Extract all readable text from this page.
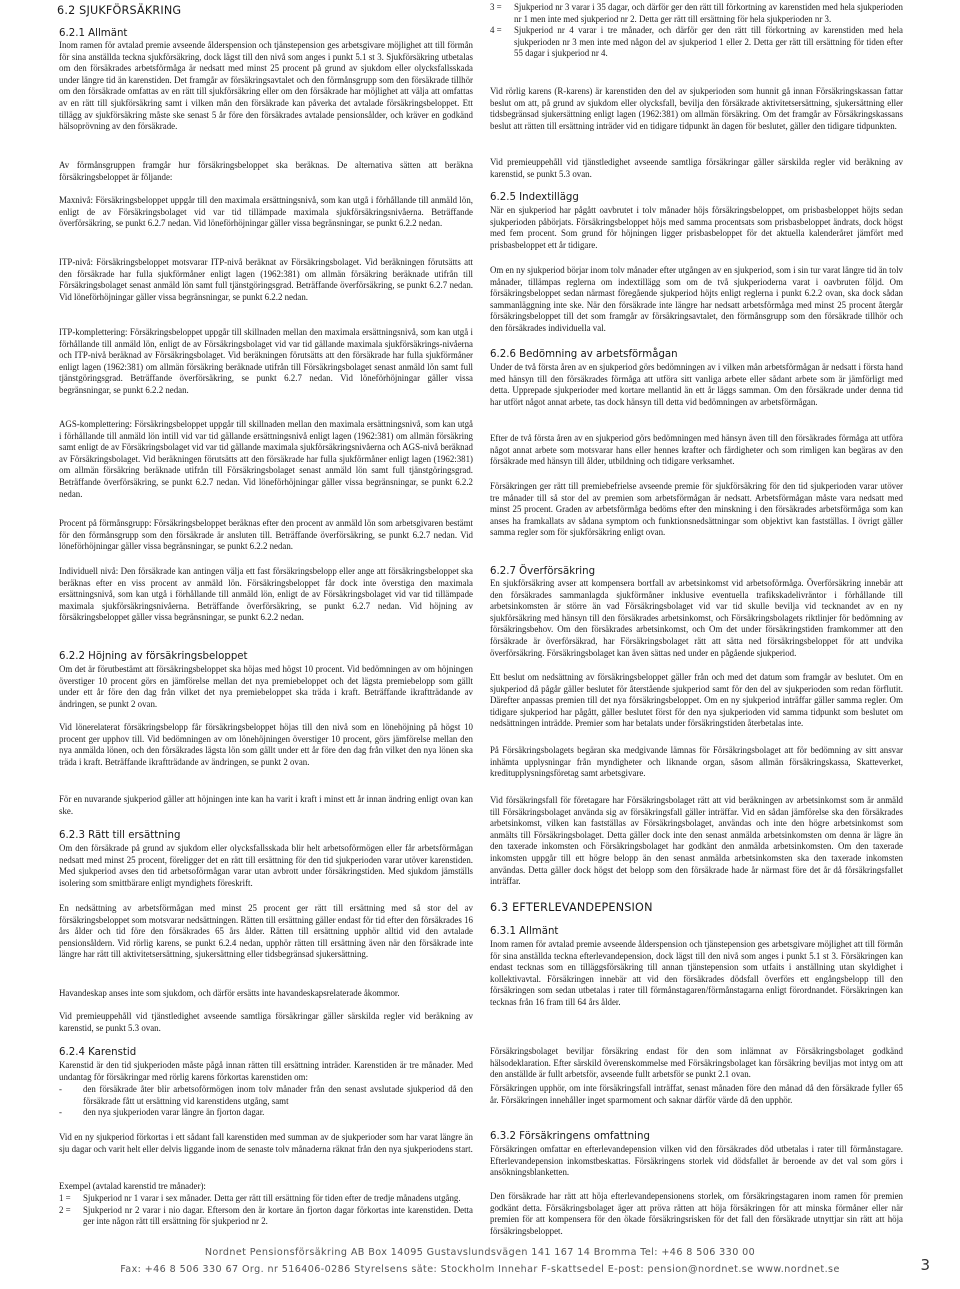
6.2 SJUKFÖRSÄKRING
6.2.1 Allmänt
Inom ramen för avtalad premie avseende ålderspension och tjänstepension ges arbetsgivare möjlighet att till förmån för sina anställda teckna sjukförsäkring, dock lägst till den nivå som anges i punkt 5.1 st 3. Sjukförsäkring utbetalas om den försäkrades arbetsförmåga är nedsatt med minst 25 procent på grund av sjukdom eller olycksfallsskada under längre tid än karenstiden. Det framgår av försäkringsavtalet och den förmånsgrupp som den försäkrade tillhör om den försäkrade omfattas av en rätt till sjukförsäkring eller om den försäkrade har möjlighet att välja att omfattas av en rätt till sjukförsäkring samt i vilken mån den försäkrade kan påverka det avtalade försäkringsbeloppet. Ett tillägg av sjukförsäkring måste ske senast 5 år före den försäkrades avtalade pensionsålder, och kräver en godkänd hälsoprövning av den försäkrade.
Av förmånsgruppen framgår hur försäkringsbeloppet ska beräknas. De alternativa sätten att beräkna försäkringsbeloppet är följande:
Maxnivå: Försäkringsbeloppet uppgår till den maximala ersättningsnivå, som kan utgå i förhållande till anmäld lön, enligt de av Försäkringsbolaget vid var tid tillämpade maximala sjukförsäkringsnivåerna. Beträffande överförsäkring, se punkt 6.2.7 nedan. Vid löneförhöjningar gäller vissa begränsningar, se punkt 6.2.2 nedan.
ITP-nivå: Försäkringsbeloppet motsvarar ITP-nivå beräknat av Försäkringsbolaget. Vid beräkningen förutsätts att den försäkrade har fulla sjukförmåner enligt lagen (1962:381) om allmän försäkring beräknade utifrån till Försäkringsbolaget senast anmäld lön samt full tjänstgöringsgrad. Beträffande överförsäkring, se punkt 6.2.7 nedan. Vid löneförhöjningar gäller vissa begränsningar, se punkt 6.2.2 nedan.
ITP-komplettering: Försäkringsbeloppet uppgår till skillnaden mellan den maximala ersättningsnivå, som kan utgå i förhållande till anmäld lön, enligt de av Försäkringsbolaget vid var tid gällande maximala sjukförsäkrings-nivåerna och ITP-nivå beräknad av Försäkringsbolaget. Vid beräkningen förutsätts att den försäkrade har fulla sjukförmåner enligt lagen (1962:381) om allmän försäkring beräknade utifrån till Försäkringsbolaget senast anmäld lön samt full tjänstgöringsgrad. Beträffande överförsäkring, se punkt 6.2.7 nedan. Vid löneförhöjningar gäller vissa begränsningar, se punkt 6.2.2 nedan.
AGS-komplettering: Försäkringsbeloppet uppgår till skillnaden mellan den maximala ersättningsnivå, som kan utgå i förhållande till anmäld lön intill vid var tid gällande ersättningsnivå enligt lagen (1962:381) om allmän försäkring samt enligt de av Försäkringsbolaget vid var tid gällande maximala sjukförsäkringsnivåerna och AGS-nivå beräknad av Försäkringsbolaget. Vid beräkningen förutsätts att den försäkrade har fulla sjukförmåner enligt lagen (1962:381) om allmän försäkring beräknade utifrån till Försäkringsbolaget senast anmäld lön samt full tjänstgöringsgrad. Beträffande överförsäkring, se punkt 6.2.7 nedan. Vid löneförhöjningar gäller vissa begränsningar, se punkt 6.2.2 nedan.
Procent på förmånsgrupp: Försäkringsbeloppet beräknas efter den procent av anmäld lön som arbetsgivaren bestämt för den förmånsgrupp som den försäkrade är ansluten till. Beträffande överförsäkring, se punkt 6.2.7 nedan. Vid löneförhöjningar gäller vissa begränsningar, se punkt 6.2.2 nedan.
Individuell nivå: Den försäkrade kan antingen välja ett fast försäkringsbelopp eller ange att försäkringsbeloppet ska beräknas efter en viss procent av anmäld lön. Försäkringsbeloppet får dock inte överstiga den maximala ersättningsnivå, som kan utgå i förhållande till anmäld lön, enligt de av Försäkringsbolaget vid var tid tillämpade maximala sjukförsäkringsnivåerna. Beträffande överförsäkring, se punkt 6.2.7 nedan. Vid höjning av försäkringsbeloppet gäller vissa begränsningar, se punkt 6.2.2 nedan.
6.2.2 Höjning av försäkringsbeloppet
Om det är förutbestämt att försäkringsbeloppet ska höjas med högst 10 procent. Vid bedömningen av om höjningen överstiger 10 procent görs en jämförelse mellan det nya premiebeloppet och det lägsta premiebelopp som gällt under ett år före den dag från vilket det nya premiebeloppet ska träda i kraft. Beträffande ikraftträdande av ändringen, se punkt 2 ovan.
Vid lönerelaterat försäkringsbelopp får försäkringsbeloppet höjas till den nivå som en lönehöjning på högst 10 procent ger upphov till. Vid bedömningen av om lönehöjningen överstiger 10 procent, görs jämförelse mellan den nya anmälda lönen, och den försäkrades lägsta lön som gällt under ett år före den dag från vilket den nya lönen ska träda i kraft. Beträffande ikraftträdande av ändringen, se punkt 2 ovan.
För en nuvarande sjukperiod gäller att höjningen inte kan ha varit i kraft i minst ett år innan ändring enligt ovan kan ske.
6.2.3 Rätt till ersättning
Om den försäkrade på grund av sjukdom eller olycksfallsskada blir helt arbetsoförmögen eller får arbetsförmågan nedsatt med minst 25 procent, föreligger det en rätt till ersättning för den tid sjukperioden varar utöver karenstiden. Med sjukperiod avses den tid arbetsoförmågan varar utan avbrott under försäkringstiden. Med sjukdom jämställs isolering som smittbärare enligt myndighets föreskrift.
En nedsättning av arbetsförmågan med minst 25 procent ger rätt till ersättning med så stor del av försäkringsbeloppet som motsvarar nedsättningen. Rätten till ersättning gäller endast för tid efter den försäkrades 16 års ålder och tid före den försäkrades 65 års ålder. Rätten till ersättning upphör alltid vid den avtalade pensionsåldern. Vid rörlig karens, se punkt 6.2.4 nedan, upphör rätten till ersättning även när den försäkrade inte längre har rätt till aktivitetsersättning, sjukersättning eller tidsbegränsad sjukersättning.
Havandeskap anses inte som sjukdom, och därför ersätts inte havandeskapsrelaterade åkommor.
Vid premieuppehåll vid tjänstledighet avseende samtliga försäkringar gäller särskilda regler vid beräkning av karenstid, se punkt 5.3 ovan.
6.2.4 Karenstid
Karenstid är den tid sjukperioden måste pågå innan rätten till ersättning inträder. Karenstiden är tre månader. Med undantag för försäkringar med rörlig karens förkortas karenstiden om:
-	den försäkrade åter blir arbetsoförmögen inom tolv månader från den senast avslutade sjukperiod då den försäkrade fått ut ersättning vid karenstidens utgång, samt
-	den nya sjukperioden varar längre än fjorton dagar.
Vid en ny sjukperiod förkortas i ett sådant fall karenstiden med summan av de sjukperioder som har varat längre än sju dagar och varit helt eller delvis liggande inom de senaste tolv månaderna räknat från den nya sjukperiodens start.
Exempel (avtalad karenstid tre månader):
1 =	Sjukperiod nr 1 varar i sex månader. Detta ger rätt till ersättning för tiden efter de tredje månadens utgång.
2 =	Sjukperiod nr 2 varar i nio dagar. Eftersom den är kortare än fjorton dagar förkortas inte karenstiden. Detta ger inte någon rätt till ersättning för sjukperiod nr 2.
3 =	Sjukperiod nr 3 varar i 35 dagar, och därför ger den rätt till förkortning av karenstiden med hela sjukperioden nr 1 men inte med sjukperiod nr 2. Detta ger rätt till ersättning för hela sjukperioden nr 3.
4 =	Sjukperiod nr 4 varar i tre månader, och därför ger den rätt till förkortning av karenstiden med hela sjukperioden nr 3 men inte med någon del av sjukperiod 1 eller 2. Detta ger rätt till ersättning för tiden efter 55 dagar i sjukperiod nr 4.
Vid rörlig karens (R-karens) är karenstiden den del av sjukperioden som hunnit gå innan Försäkringskassan fattar beslut om att, på grund av sjukdom eller olycksfall, bevilja den försäkrade aktivitetsersättning, sjukersättning eller tidsbegränsad sjukersättning enligt lagen (1962:381) om allmän försäkring. Om det framgår av Försäkringskassans beslut att rätten till ersättning inträder vid en tidigare tidpunkt än dagen för beslutet, gäller den tidigare tidpunkten.
Vid premieuppehåll vid tjänstledighet avseende samtliga försäkringar gäller särskilda regler vid beräkning av karenstid, se punkt 5.3 ovan.
6.2.5 Indextillägg
När en sjukperiod har pågått oavbrutet i tolv månader höjs försäkringsbeloppet, om prisbasbeloppet höjts sedan sjukperioden påbörjats. Försäkringsbeloppet höjs med samma procentsats som prisbasbeloppet ändrats, dock högst med fem procent. Som grund för höjningen ligger prisbasbeloppet för det aktuella kalenderåret jämfört med prisbasbeloppet ett år tidigare.
Om en ny sjukperiod börjar inom tolv månader efter utgången av en sjukperiod, som i sin tur varat längre tid än tolv månader, tillämpas reglerna om indextillägg som om de två sjukperioderna varat i oavbruten följd. Om försäkringsbeloppet sedan närmast föregående sjukperiod höjts enligt reglerna i punkt 6.2.2 ovan, ska dock sådan sammanläggning inte ske. När den försäkrade inte längre har nedsatt arbetsförmåga med minst 25 procent återgår försäkringsbeloppet till det som framgår av försäkringsavtalet, den förmånsgrupp som den försäkrade tillhör och den försäkrades individuella val.
6.2.6 Bedömning av arbetsförmågan
Under de två första åren av en sjukperiod görs bedömningen av i vilken mån arbetsförmågan är nedsatt i första hand med hänsyn till den försäkrades förmåga att utföra sitt vanliga arbete eller sådant arbete som är jämförligt med detta. Upprepade sjukperioder med kortare mellantid än ett år läggs samman. Om den försäkrade under denna tid har utfört något annat arbete, tas dock hänsyn till detta vid bedömningen av arbetsförmågan.
Efter de två första åren av en sjukperiod görs bedömningen med hänsyn även till den försäkrades förmåga att utföra något annat arbete som motsvarar hans eller hennes krafter och färdigheter och som rimligen kan begäras av den försäkrade med hänsyn till ålder, utbildning och tidigare verksamhet.
Försäkringen ger rätt till premiebefrielse avseende premie för sjukförsäkring för den tid sjukperioden varar utöver tre månader till så stor del av premien som arbetsförmågan är nedsatt. Arbetsförmågan måste vara nedsatt med minst 25 procent. Graden av arbetsförmåga bedöms efter den minskning i den försäkrades arbetsförmåga som kan anses ha framkallats av sådana symptom och funktionsnedsättningar som objektivt kan fastställas. I övrigt gäller samma regler som för sjukförsäkring enligt ovan.
6.2.7 Överförsäkring
En sjukförsäkring avser att kompensera bortfall av arbetsinkomst vid arbetsoförmåga. Överförsäkring innebär att den försäkrades sammanlagda sjukförmåner inklusive eventuella trafikskadelivräntor i förhållande till arbetsinkomsten är större än vad Försäkringsbolaget vid var tid skulle bevilja vid tecknandet av en ny sjukförsäkring med hänsyn till den försäkrades arbetsinkomst, och Försäkringsbolagets riktlinjer för bedömning av försäkringsbehov. Om den försäkrades arbetsinkomst, och Om det under försäkringstiden framkommer att den försäkrade är överförsäkrad, har Försäkringsbolaget rätt att sätta ned försäkringsbeloppet för att undvika överförsäkring. Försäkringsbolaget kan även sättas ned under en pågående sjukperiod.
Ett beslut om nedsättning av försäkringsbeloppet gäller från och med det datum som framgår av beslutet. Om en sjukperiod då pågår gäller beslutet för återstående sjukperiod samt för den del av sjukperioden som redan förflutit. Därefter anpassas premien till det nya försäkringsbeloppet. Om en ny sjukperiod inträffar gäller samma regler. Om tidigare sjukperiod har pågått, gäller beslutet först för den nya sjukperioden vid samma tidpunkt som beslutet om nedsättningen inträdde. Premier som har betalats under försäkringstiden återbetalas inte.
På Försäkringsbolagets begäran ska medgivande lämnas för Försäkringsbolaget att för bedömning av sitt ansvar inhämta upplysningar från myndigheter och liknande organ, såsom allmän försäkringskassa, Skatteverket, kreditupplysningsföretag samt arbetsgivare.
Vid försäkringsfall för företagare har Försäkringsbolaget rätt att vid beräkningen av arbetsinkomst som är anmäld till Försäkringsbolaget använda sig av försäkringsfall gäller inträffar. Vid en sådan jämförelse ska den försäkrades arbetsinkomst, vilken kan fastställas av Försäkringsbolaget, användas och inte den högre arbetsinkomst som anmälts till Försäkringsbolaget. Detta gäller dock inte den senast anmälda arbetsinkomsten om denna är lägre än den taxerade inkomsten och Försäkringsbolaget har godkänt den anmälda arbetsinkomsten. Om den taxerade inkomsten uppgår till ett högre belopp än den senast anmälda arbetsinkomsten ska den taxerade inkomsten användas. Detta gäller dock högst det belopp som den försäkrade hade år närmast före det år då försäkringsfallet inträffar.
6.3 EFTERLEVANDEPENSION
6.3.1 Allmänt
Inom ramen för avtalad premie avseende ålderspension och tjänstepension ges arbetsgivare möjlighet att till förmån för sina anställda teckna efterlevandepension, dock lägst till den nivå som anges i punkt 5.1 st 3. Försäkringen kan endast tecknas som en tilläggsförsäkring till annan tjänstepension som utfaits i anställning utan skyldighet i kollektivavtal. Försäkringen innebär att vid den försäkrades dödsfall överförs ett engångsbelopp till den försäkringen som sedan utbetalas i rater till förmånstagaren/förmånstagarna enligt förordnandet. Försäkringen kan tecknas från 16 fram till 64 års ålder.
Försäkringsbolaget beviljar försäkring endast för den som inlämnat av Försäkringsbolaget godkänd hälsodeklaration. Efter särskild överenskommelse med Försäkringsbolaget kan försäkring beviljas mot intyg om att den anställde är fullt arbetsför, avseende fullt arbetsför se punkt 2.1 ovan.
Försäkringen upphör, om inte försäkringsfall inträffat, senast månaden före den månad då den försäkrade fyller 65 år. Försäkringen innehåller inget sparmoment och saknar därför värde då den upphör.
6.3.2 Försäkringens omfattning
Försäkringen omfattar en efterlevandepension vilken vid den försäkrades död utbetalas i rater till förmånstagare. Efterlevandepension inkomstbeskattas. Försäkringens storlek vid dödsfallet är beroende av det val som görs i ansökningsblanketten.
Den försäkrade har rätt att höja efterlevandepensionens storlek, om försäkringstagaren inom ramen för premien godkänt detta. Försäkringsbolaget äger att pröva rätten att höja försäkringen för att minska förmåner eller när premien för att kompensera för den ökade försäkringsrisken för det fall den försäkrade utnyttjar sin rätt att höja försäkringsbeloppet.
Nordnet Pensionsförsäkring AB Box 14095 Gustavslundsvägen 141 167 14 Bromma Tel: +46 8 506 330 00
Fax: +46 8 506 330 67 Org. nr 516406-0286 Styrelsens säte: Stockholm Innehar F-skattsedel E-post: pension@nordnet.se www.nordnet.se	3
